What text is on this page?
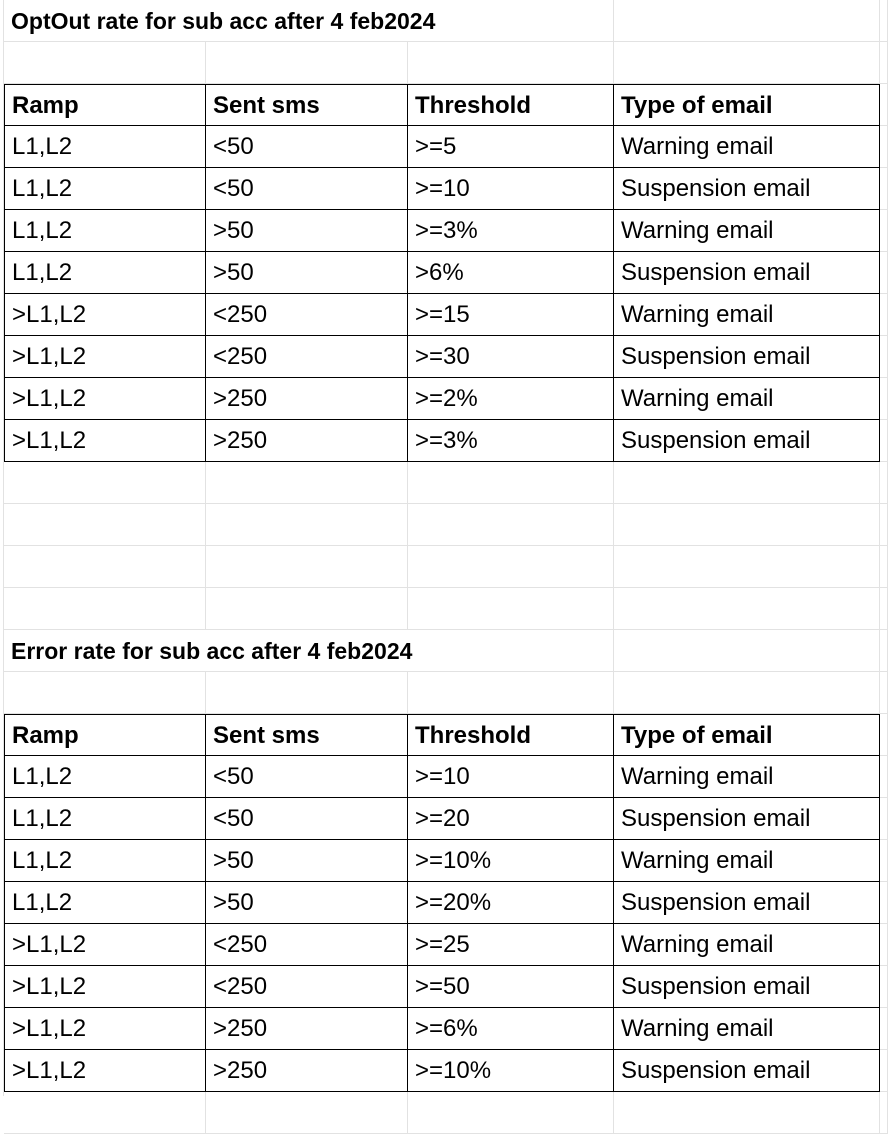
OptOut rate for sub acc after 4 feb2024
Ramp	Sent sms	Threshold	Type of email
L1,L2	<50	>=5	Warning email
L1,L2	<50	>=10	Suspension email
L1,L2	>50	>=3%	Warning email
L1,L2	>50	>6%	Suspension email
>L1,L2	<250	>=15	Warning email
>L1,L2	<250	>=30	Suspension email
>L1,L2	>250	>=2%	Warning email
>L1,L2	>250	>=3%	Suspension email
Error rate for sub acc after 4 feb2024
Ramp	Sent sms	Threshold	Type of email
L1,L2	<50	>=10	Warning email
L1,L2	<50	>=20	Suspension email
L1,L2	>50	>=10%	Warning email
L1,L2	>50	>=20%	Suspension email
>L1,L2	<250	>=25	Warning email
>L1,L2	<250	>=50	Suspension email
>L1,L2	>250	>=6%	Warning email
>L1,L2	>250	>=10%	Suspension email
